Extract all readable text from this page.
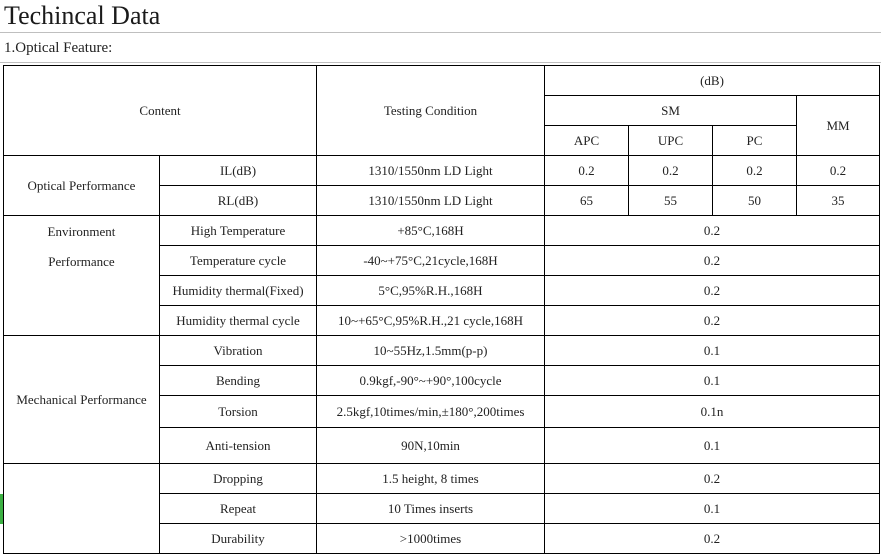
Techincal Data
1.Optical Feature:
Content		Testing Condition	(dB)			
			SM			MM
			APC	UPC	PC	
Optical Performance	IL(dB)	1310/1550nm LD Light	0.2	0.2	0.2	0.2
	RL(dB)	1310/1550nm LD Light	65	55	50	35
Environment
Performance	High Temperature	+85°C,168H	0.2			
	Temperature cycle	-40~+75°C,21cycle,168H	0.2			
	Humidity thermal(Fixed)	5°C,95%R.H.,168H	0.2			
	Humidity thermal cycle	10~+65°C,95%R.H.,21 cycle,168H	0.2			
Mechanical Performance	Vibration	10~55Hz,1.5mm(p-p)	0.1			
	Bending	0.9kgf,-90°~+90°,100cycle	0.1			
	Torsion	2.5kgf,10times/min,±180°,200times	0.1n			
	Anti-tension	90N,10min	0.1			
	Dropping	1.5 height, 8 times	0.2			
	Repeat	10 Times inserts	0.1			
	Durability	>1000times	0.2			
